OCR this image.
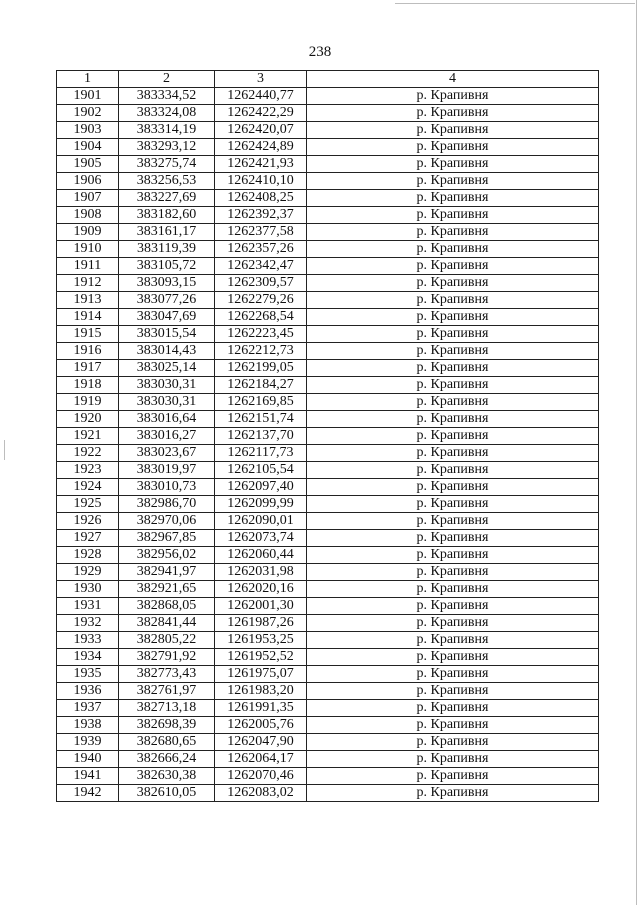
238
1	2	3	4
1901	383334,52	1262440,77	р. Крапивня
1902	383324,08	1262422,29	р. Крапивня
1903	383314,19	1262420,07	р. Крапивня
1904	383293,12	1262424,89	р. Крапивня
1905	383275,74	1262421,93	р. Крапивня
1906	383256,53	1262410,10	р. Крапивня
1907	383227,69	1262408,25	р. Крапивня
1908	383182,60	1262392,37	р. Крапивня
1909	383161,17	1262377,58	р. Крапивня
1910	383119,39	1262357,26	р. Крапивня
1911	383105,72	1262342,47	р. Крапивня
1912	383093,15	1262309,57	р. Крапивня
1913	383077,26	1262279,26	р. Крапивня
1914	383047,69	1262268,54	р. Крапивня
1915	383015,54	1262223,45	р. Крапивня
1916	383014,43	1262212,73	р. Крапивня
1917	383025,14	1262199,05	р. Крапивня
1918	383030,31	1262184,27	р. Крапивня
1919	383030,31	1262169,85	р. Крапивня
1920	383016,64	1262151,74	р. Крапивня
1921	383016,27	1262137,70	р. Крапивня
1922	383023,67	1262117,73	р. Крапивня
1923	383019,97	1262105,54	р. Крапивня
1924	383010,73	1262097,40	р. Крапивня
1925	382986,70	1262099,99	р. Крапивня
1926	382970,06	1262090,01	р. Крапивня
1927	382967,85	1262073,74	р. Крапивня
1928	382956,02	1262060,44	р. Крапивня
1929	382941,97	1262031,98	р. Крапивня
1930	382921,65	1262020,16	р. Крапивня
1931	382868,05	1262001,30	р. Крапивня
1932	382841,44	1261987,26	р. Крапивня
1933	382805,22	1261953,25	р. Крапивня
1934	382791,92	1261952,52	р. Крапивня
1935	382773,43	1261975,07	р. Крапивня
1936	382761,97	1261983,20	р. Крапивня
1937	382713,18	1261991,35	р. Крапивня
1938	382698,39	1262005,76	р. Крапивня
1939	382680,65	1262047,90	р. Крапивня
1940	382666,24	1262064,17	р. Крапивня
1941	382630,38	1262070,46	р. Крапивня
1942	382610,05	1262083,02	р. Крапивня
